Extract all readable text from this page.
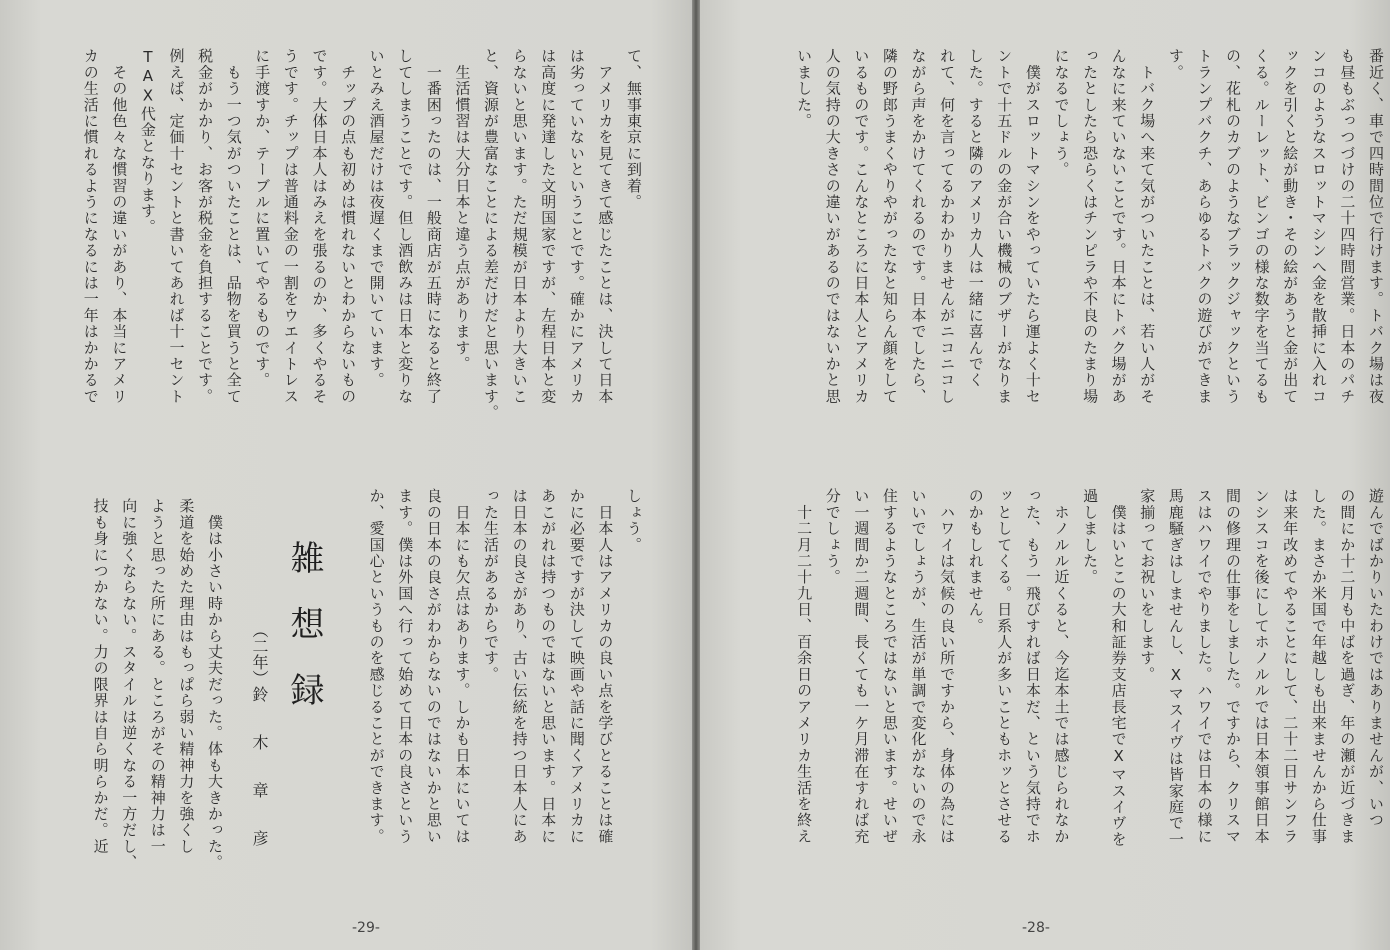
て、無事東京に到着。
　アメリカを見てきて感じたことは、決して日本
は劣っていないということです。確かにアメリカ
は高度に発達した文明国家ですが、左程日本と変
らないと思います。ただ規模が日本より大きいこ
と、資源が豊富なことによる差だけだと思います。
　生活慣習は大分日本と違う点があります。
　一番困ったのは、一般商店が五時になると終了
してしまうことです。但し酒飲みは日本と変りな
いとみえ酒屋だけは夜遅くまで開いています。
　チップの点も初めは慣れないとわからないもの
です。大体日本人はみえを張るのか、多くやるそ
うです。チップは普通料金の一割をウエイトレス
に手渡すか、テーブルに置いてやるものです。
　もう一つ気がついたことは、品物を買うと全て
税金がかかり、お客が税金を負担することです。
例えば、定価十セントと書いてあれば十一セント
TAX代金となります。
　その他色々な慣習の違いがあり、本当にアメリ
カの生活に慣れるようになるには一年はかかるで
しょう。
　日本人はアメリカの良い点を学びとることは確
かに必要ですが決して映画や話に聞くアメリカに
あこがれは持つものではないと思います。日本に
は日本の良さがあり、古い伝統を持つ日本人にあ
った生活があるからです。
　日本にも欠点はあります。しかも日本にいては
良の日本の良さがわからないのではないかと思い
ます。僕は外国へ行って始めて日本の良さという
か、愛国心というものを感じることができます。
雑想録
（二年）鈴木章彦
　僕は小さい時から丈夫だった。体も大きかった。
柔道を始めた理由はもっぱら弱い精神力を強くし
ようと思った所にある。ところがその精神力は一
向に強くならない。スタイルは逆くなる一方だし、
技も身につかない。力の限界は自ら明らかだ。近
-29-
番近く、車で四時間位で行けます。トバク場は夜
も昼もぶっつづけの二十四時間営業。日本のパチ
ンコのようなスロットマシンへ金を散挿に入れコ
ックを引くと絵が動き・その絵があうと金が出て
くる。ルーレット、ビンゴの様な数字を当てるも
の、花札のカブのようなブラックジャックという
トランプバクチ、あらゆるトバクの遊びができま
す。
　トバク場へ来て気がついたことは、若い人がそ
んなに来ていないことです。日本にトバク場があ
ったとしたら恐らくはチンピラや不良のたまり場
になるでしょう。
　僕がスロットマシンをやっていたら運よく十セ
ントで十五ドルの金が合い機械のブザーがなりま
した。すると隣のアメリカ人は一緒に喜んでく
れて、何を言ってるかわかりませんがニコニコし
ながら声をかけてくれるのです。日本でしたら、
隣の野郎うまくやりやがったなと知らん顔をして
いるものです。こんなところに日本人とアメリカ
人の気持の大きさの違いがあるのではないかと思
いました。
遊んでばかりいたわけではありませんが、いつ
の間にか十二月も中ばを過ぎ、年の瀬が近づきま
した。まさか米国で年越しも出来ませんから仕事
は来年改めてやることにして、二十二日サンフラ
ンシスコを後にしてホノルルでは日本領事館日本
間の修理の仕事をしました。ですから、クリスマ
スはハワイでやりました。ハワイでは日本の様に
馬鹿騒ぎはしませんし、Xマスイヴは皆家庭で一
家揃ってお祝いをします。
　僕はいとこの大和証券支店長宅でXマスイヴを
過しました。
　ホノルル近くると、今迄本土では感じられなか
った、もう一飛びすれば日本だ、という気持でホ
ッとしてくる。日系人が多いこともホッとさせる
のかもしれません。
　ハワイは気候の良い所ですから、身体の為には
いいでしょうが、生活が単調で変化がないので永
住するようなところではないと思います。せいぜ
い一週間か二週間、長くても一ケ月滞在すれば充
分でしょう。
　十二月二十九日、百余日のアメリカ生活を終え
-28-
